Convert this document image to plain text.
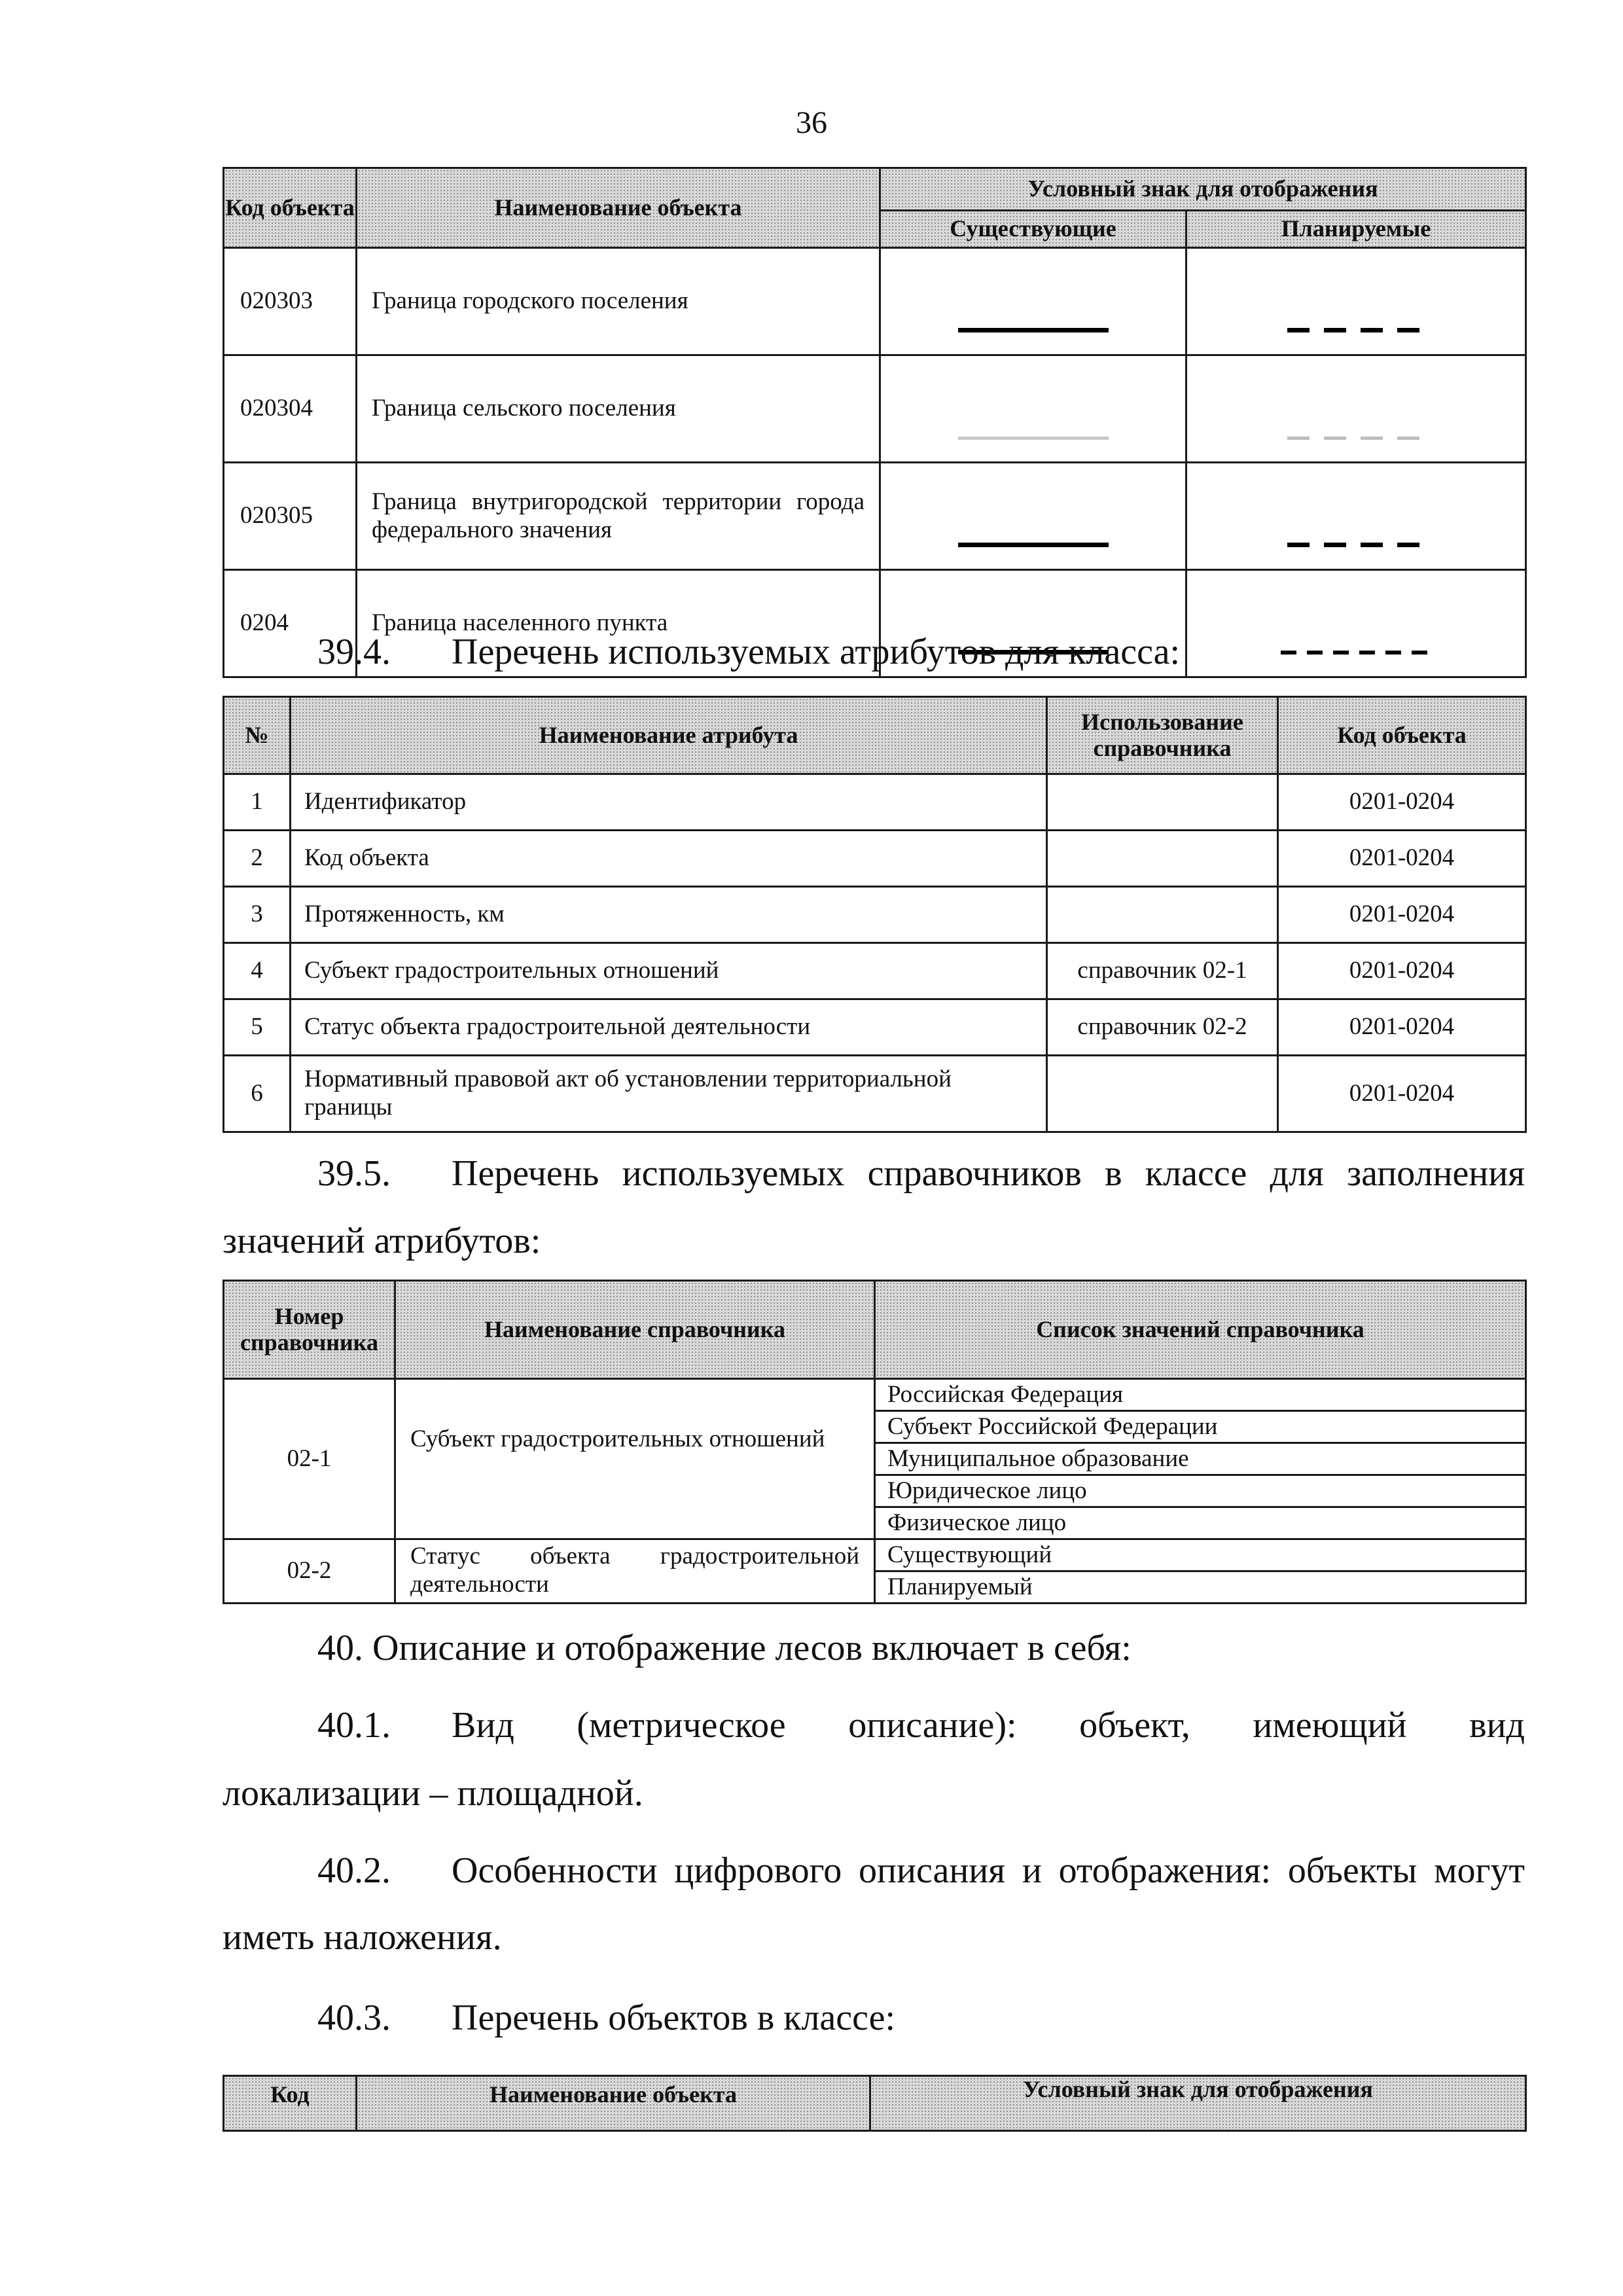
36
Код объекта	Наименование объекта	Условный знак для отображения	
		Существующие	Планируемые
020303	Граница городского поселения		
020304	Граница сельского поселения		
020305	Граница внутригородской территории города федерального значения		
0204	Граница населенного пункта		
39.4. Перечень используемых атрибутов для класса:
№	Наименование атрибута	Использование справочника	Код объекта
1	Идентификатор		0201-0204
2	Код объекта		0201-0204
3	Протяженность, км		0201-0204
4	Субъект градостроительных отношений	справочник 02-1	0201-0204
5	Статус объекта градостроительной деятельности	справочник 02-2	0201-0204
6	Нормативный правовой акт об установлении территориальной границы		0201-0204
39.5. Перечень используемых справочников в классе для заполнения
значений атрибутов:
Номер справочника	Наименование справочника	Список значений справочника
02-1	Субъект градостроительных отношений	Российская Федерация
		Субъект Российской Федерации
		Муниципальное образование
		Юридическое лицо
		Физическое лицо
02-2	Статус объекта градостроительной деятельности	Существующий
		Планируемый
40. Описание и отображение лесов включает в себя:
40.1. Вид (метрическое описание): объект, имеющий вид
локализации – площадной.
40.2. Особенности цифрового описания и отображения: объекты могут
иметь наложения.
40.3. Перечень объектов в классе:
Код	Наименование объекта	Условный знак для отображения
